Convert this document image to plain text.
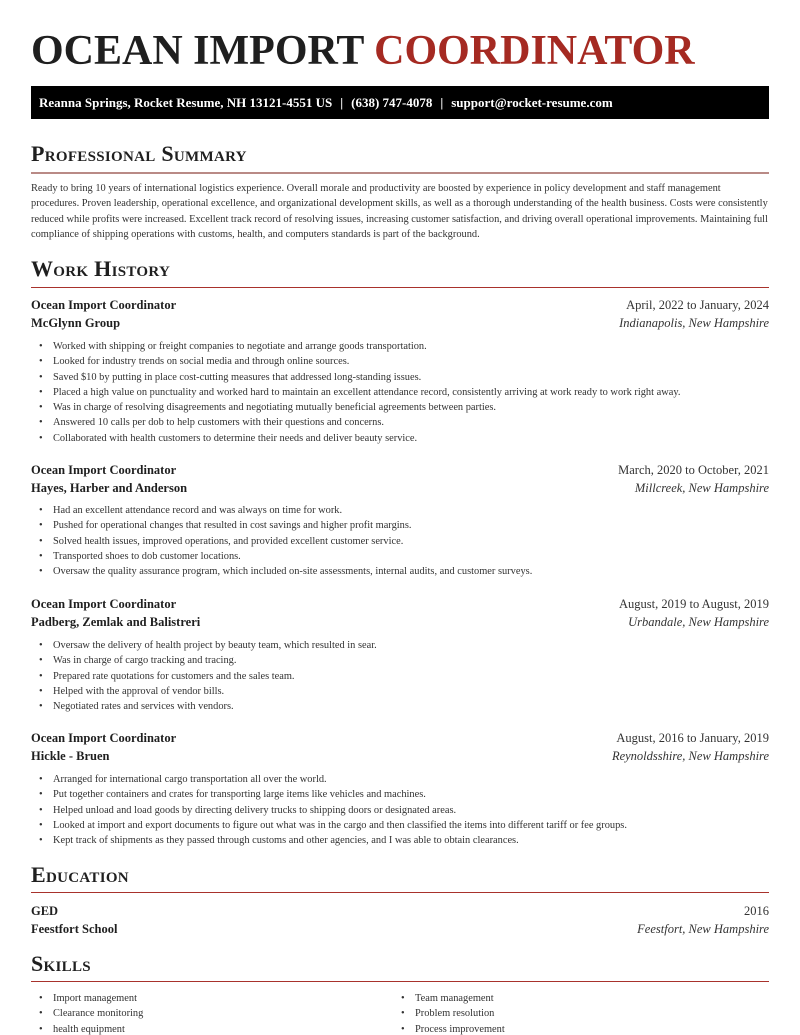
OCEAN IMPORT COORDINATOR
Reanna Springs, Rocket Resume, NH 13121-4551 US | (638) 747-4078 | support@rocket-resume.com
Professional Summary
Ready to bring 10 years of international logistics experience. Overall morale and productivity are boosted by experience in policy development and staff management procedures. Proven leadership, operational excellence, and organizational development skills, as well as a thorough understanding of the health business. Costs were consistently reduced while profits were increased. Excellent track record of resolving issues, increasing customer satisfaction, and driving overall operational improvements. Maintaining full compliance of shipping operations with customs, health, and computers standards is part of the background.
Work History
Ocean Import Coordinator	April, 2022 to January, 2024
McGlynn Group	Indianapolis, New Hampshire
• Worked with shipping or freight companies to negotiate and arrange goods transportation.
• Looked for industry trends on social media and through online sources.
• Saved $10 by putting in place cost-cutting measures that addressed long-standing issues.
• Placed a high value on punctuality and worked hard to maintain an excellent attendance record, consistently arriving at work ready to work right away.
• Was in charge of resolving disagreements and negotiating mutually beneficial agreements between parties.
• Answered 10 calls per dob to help customers with their questions and concerns.
• Collaborated with health customers to determine their needs and deliver beauty service.
Ocean Import Coordinator	March, 2020 to October, 2021
Hayes, Harber and Anderson	Millcreek, New Hampshire
• Had an excellent attendance record and was always on time for work.
• Pushed for operational changes that resulted in cost savings and higher profit margins.
• Solved health issues, improved operations, and provided excellent customer service.
• Transported shoes to dob customer locations.
• Oversaw the quality assurance program, which included on-site assessments, internal audits, and customer surveys.
Ocean Import Coordinator	August, 2019 to August, 2019
Padberg, Zemlak and Balistreri	Urbandale, New Hampshire
• Oversaw the delivery of health project by beauty team, which resulted in sear.
• Was in charge of cargo tracking and tracing.
• Prepared rate quotations for customers and the sales team.
• Helped with the approval of vendor bills.
• Negotiated rates and services with vendors.
Ocean Import Coordinator	August, 2016 to January, 2019
Hickle - Bruen	Reynoldsshire, New Hampshire
• Arranged for international cargo transportation all over the world.
• Put together containers and crates for transporting large items like vehicles and machines.
• Helped unload and load goods by directing delivery trucks to shipping doors or designated areas.
• Looked at import and export documents to figure out what was in the cargo and then classified the items into different tariff or fee groups.
• Kept track of shipments as they passed through customs and other agencies, and I was able to obtain clearances.
Education
GED	2016
Feestfort School	Feestfort, New Hampshire
Skills
• Import management
• Clearance monitoring
• health equipment
• Team management
• Problem resolution
• Process improvement
